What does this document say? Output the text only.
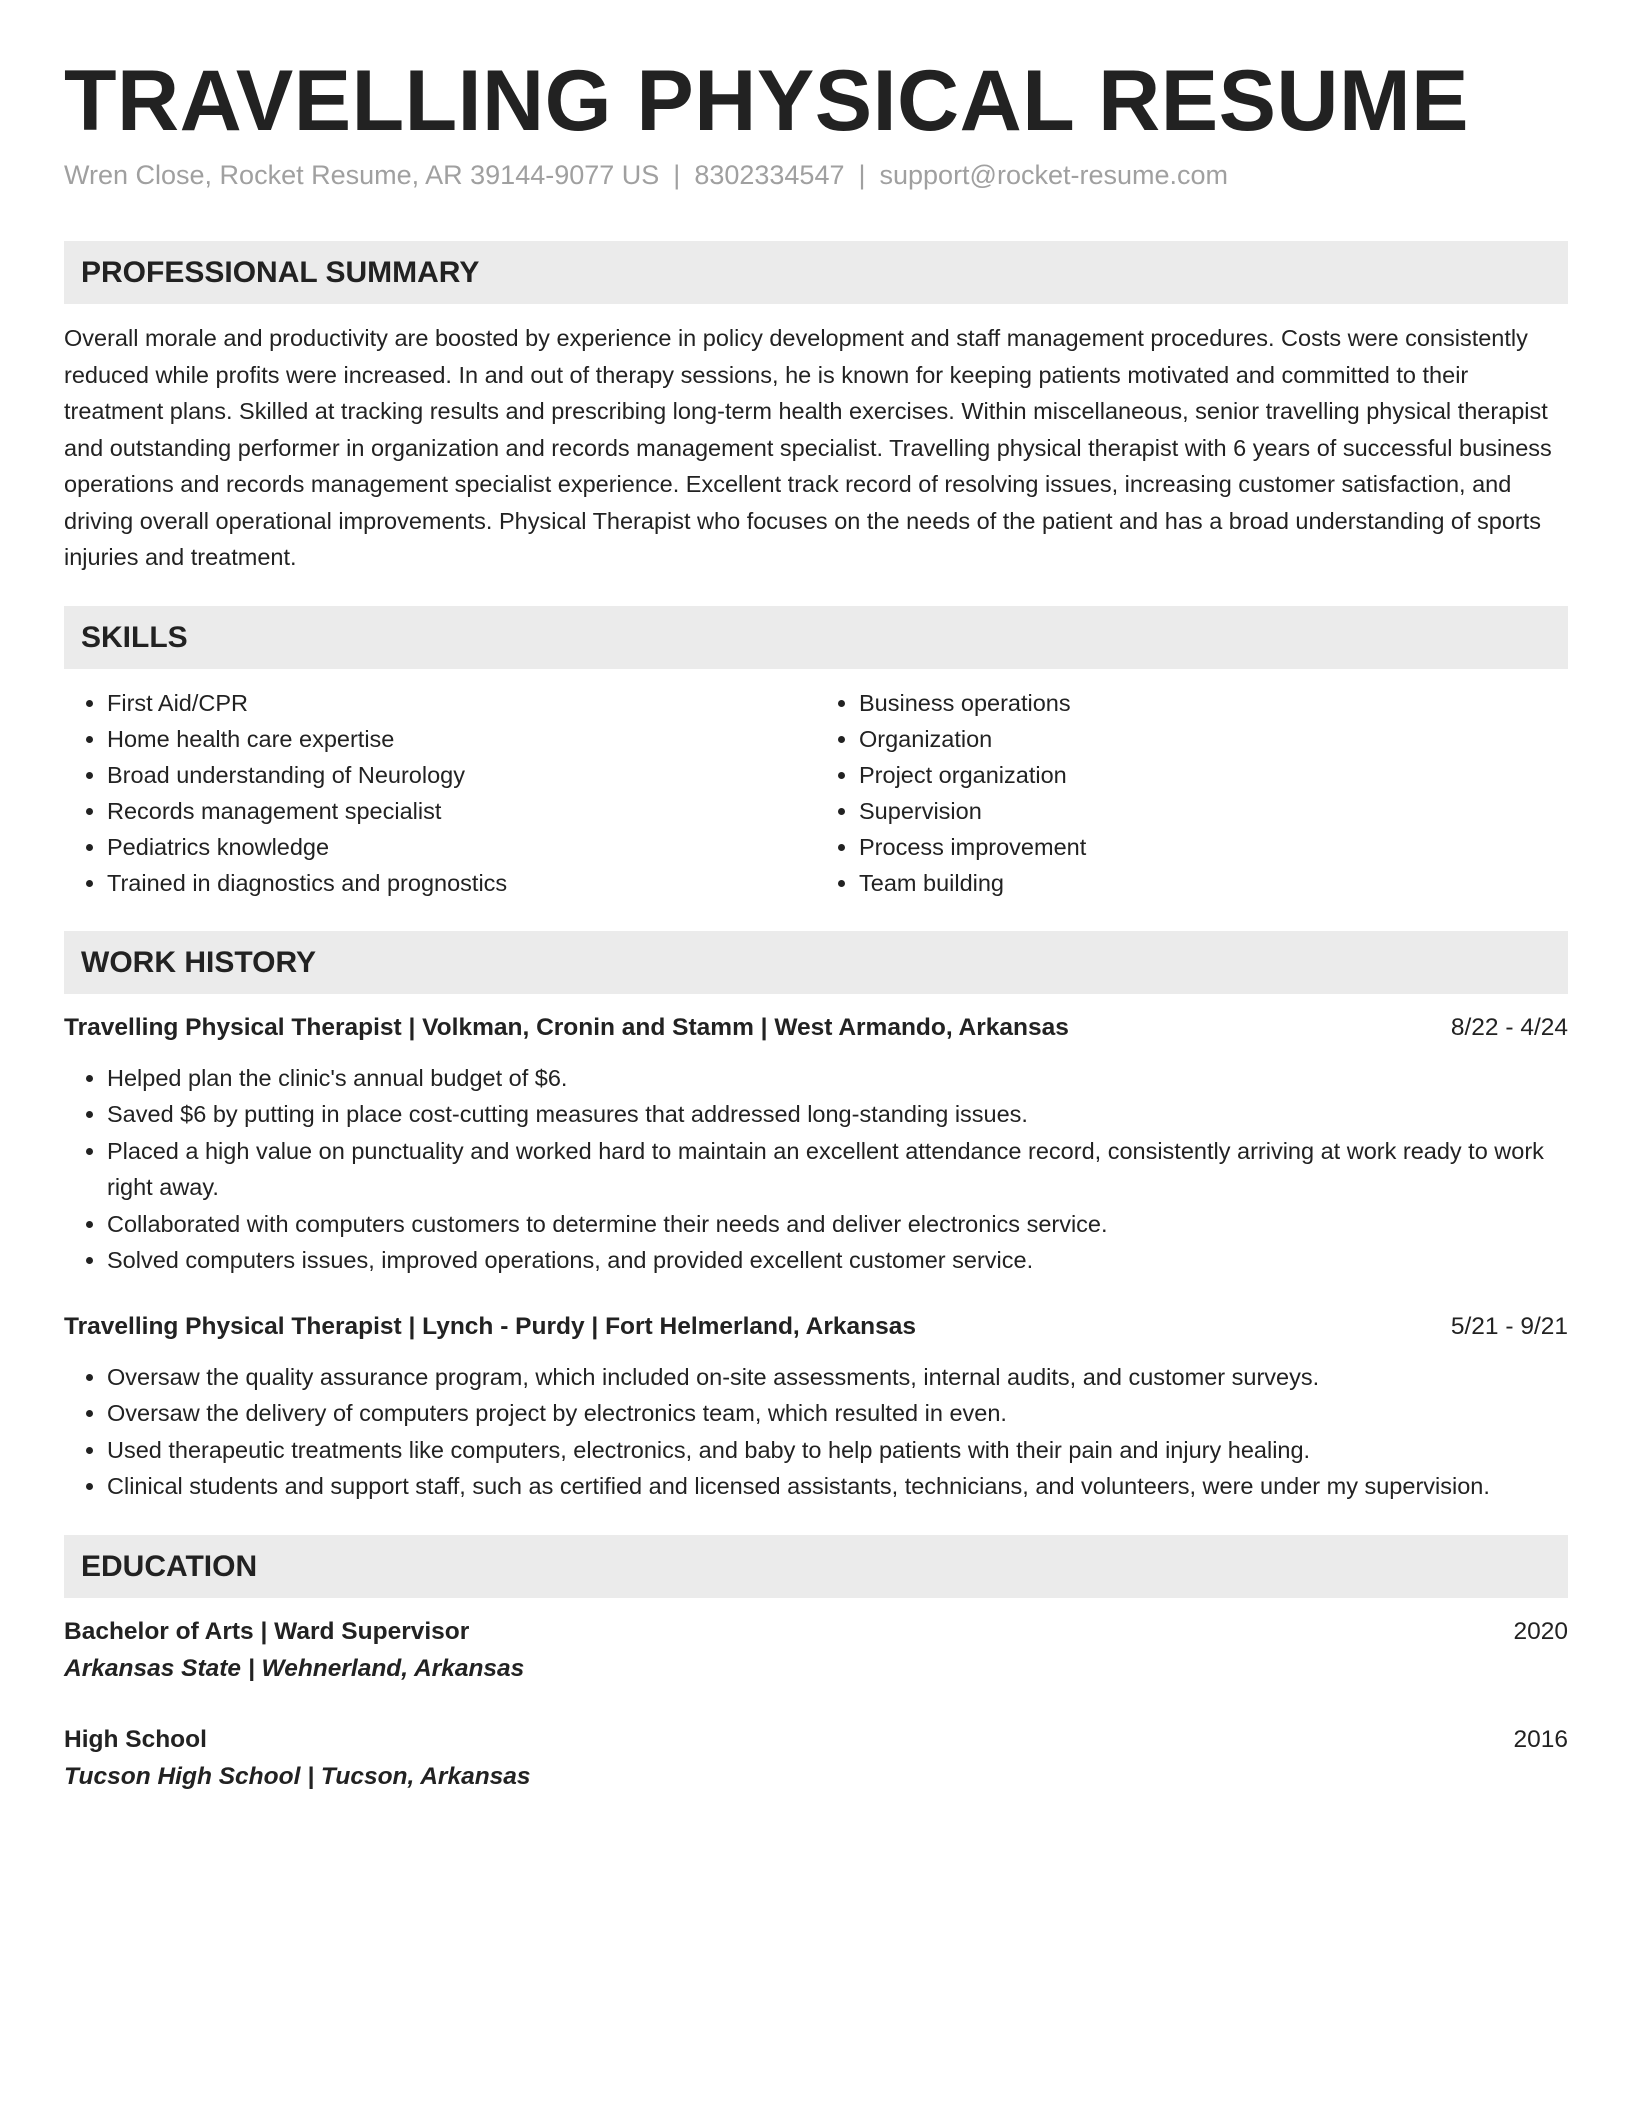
TRAVELLING PHYSICAL RESUME
Wren Close, Rocket Resume, AR 39144-9077 US | 8302334547 | support@rocket-resume.com
PROFESSIONAL SUMMARY
Overall morale and productivity are boosted by experience in policy development and staff management procedures. Costs were consistently reduced while profits were increased. In and out of therapy sessions, he is known for keeping patients motivated and committed to their treatment plans. Skilled at tracking results and prescribing long-term health exercises. Within miscellaneous, senior travelling physical therapist and outstanding performer in organization and records management specialist. Travelling physical therapist with 6 years of successful business operations and records management specialist experience. Excellent track record of resolving issues, increasing customer satisfaction, and driving overall operational improvements. Physical Therapist who focuses on the needs of the patient and has a broad understanding of sports injuries and treatment.
SKILLS
• First Aid/CPR
• Home health care expertise
• Broad understanding of Neurology
• Records management specialist
• Pediatrics knowledge
• Trained in diagnostics and prognostics
• Business operations
• Organization
• Project organization
• Supervision
• Process improvement
• Team building
WORK HISTORY
Travelling Physical Therapist | Volkman, Cronin and Stamm | West Armando, Arkansas	8/22 - 4/24
• Helped plan the clinic's annual budget of $6.
• Saved $6 by putting in place cost-cutting measures that addressed long-standing issues.
• Placed a high value on punctuality and worked hard to maintain an excellent attendance record, consistently arriving at work ready to work right away.
• Collaborated with computers customers to determine their needs and deliver electronics service.
• Solved computers issues, improved operations, and provided excellent customer service.
Travelling Physical Therapist | Lynch - Purdy | Fort Helmerland, Arkansas	5/21 - 9/21
• Oversaw the quality assurance program, which included on-site assessments, internal audits, and customer surveys.
• Oversaw the delivery of computers project by electronics team, which resulted in even.
• Used therapeutic treatments like computers, electronics, and baby to help patients with their pain and injury healing.
• Clinical students and support staff, such as certified and licensed assistants, technicians, and volunteers, were under my supervision.
EDUCATION
Bachelor of Arts | Ward Supervisor	2020
Arkansas State | Wehnerland, Arkansas
High School	2016
Tucson High School | Tucson, Arkansas
